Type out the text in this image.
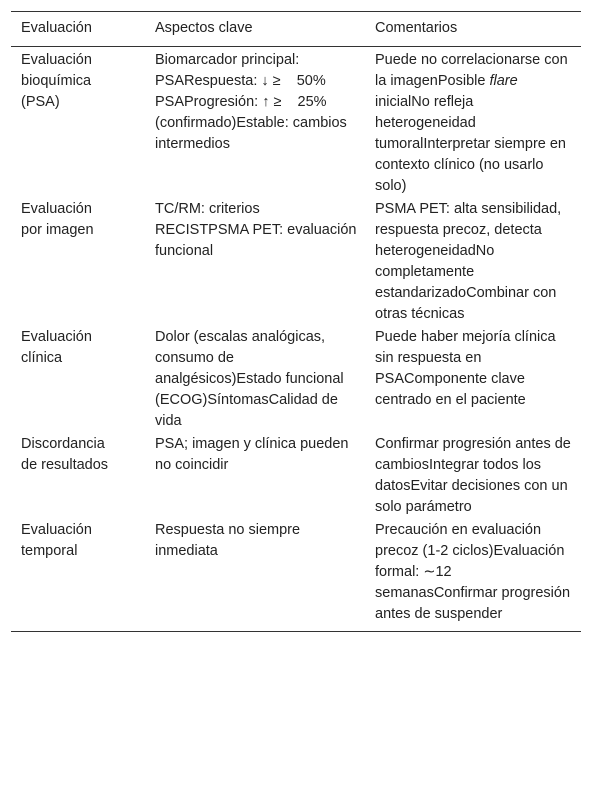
Evaluación	Aspectos clave	Comentarios
Evaluación bioquímica (PSA)	Biomarcador principal: PSARespuesta: ↓ ≥    50% PSAProgresión: ↑ ≥    25% (confirmado)Estable: cambios intermedios	Puede no correlacionarse con la imagenPosible flare inicialNo refleja heterogeneidad tumoralInterpretar siempre en contexto clínico (no usarlo solo)
Evaluación por imagen	TC/RM: criterios RECISTPSMA PET: evaluación funcional	PSMA PET: alta sensibilidad, respuesta precoz, detecta heterogeneidadNo completamente estandarizadoCombinar con otras técnicas
Evaluación clínica	Dolor (escalas analógicas, consumo de analgésicos)Estado funcional (ECOG)SíntomasCalidad de vida	Puede haber mejoría clínica sin respuesta en PSAComponente clave centrado en el paciente
Discordancia de resultados	PSA; imagen y clínica pueden no coincidir	Confirmar progresión antes de cambiosIntegrar todos los datosEvitar decisiones con un solo parámetro
Evaluación temporal	Respuesta no siempre inmediata	Precaución en evaluación precoz (1-2 ciclos)Evaluación formal: ∼12 semanasConfirmar progresión antes de suspender
